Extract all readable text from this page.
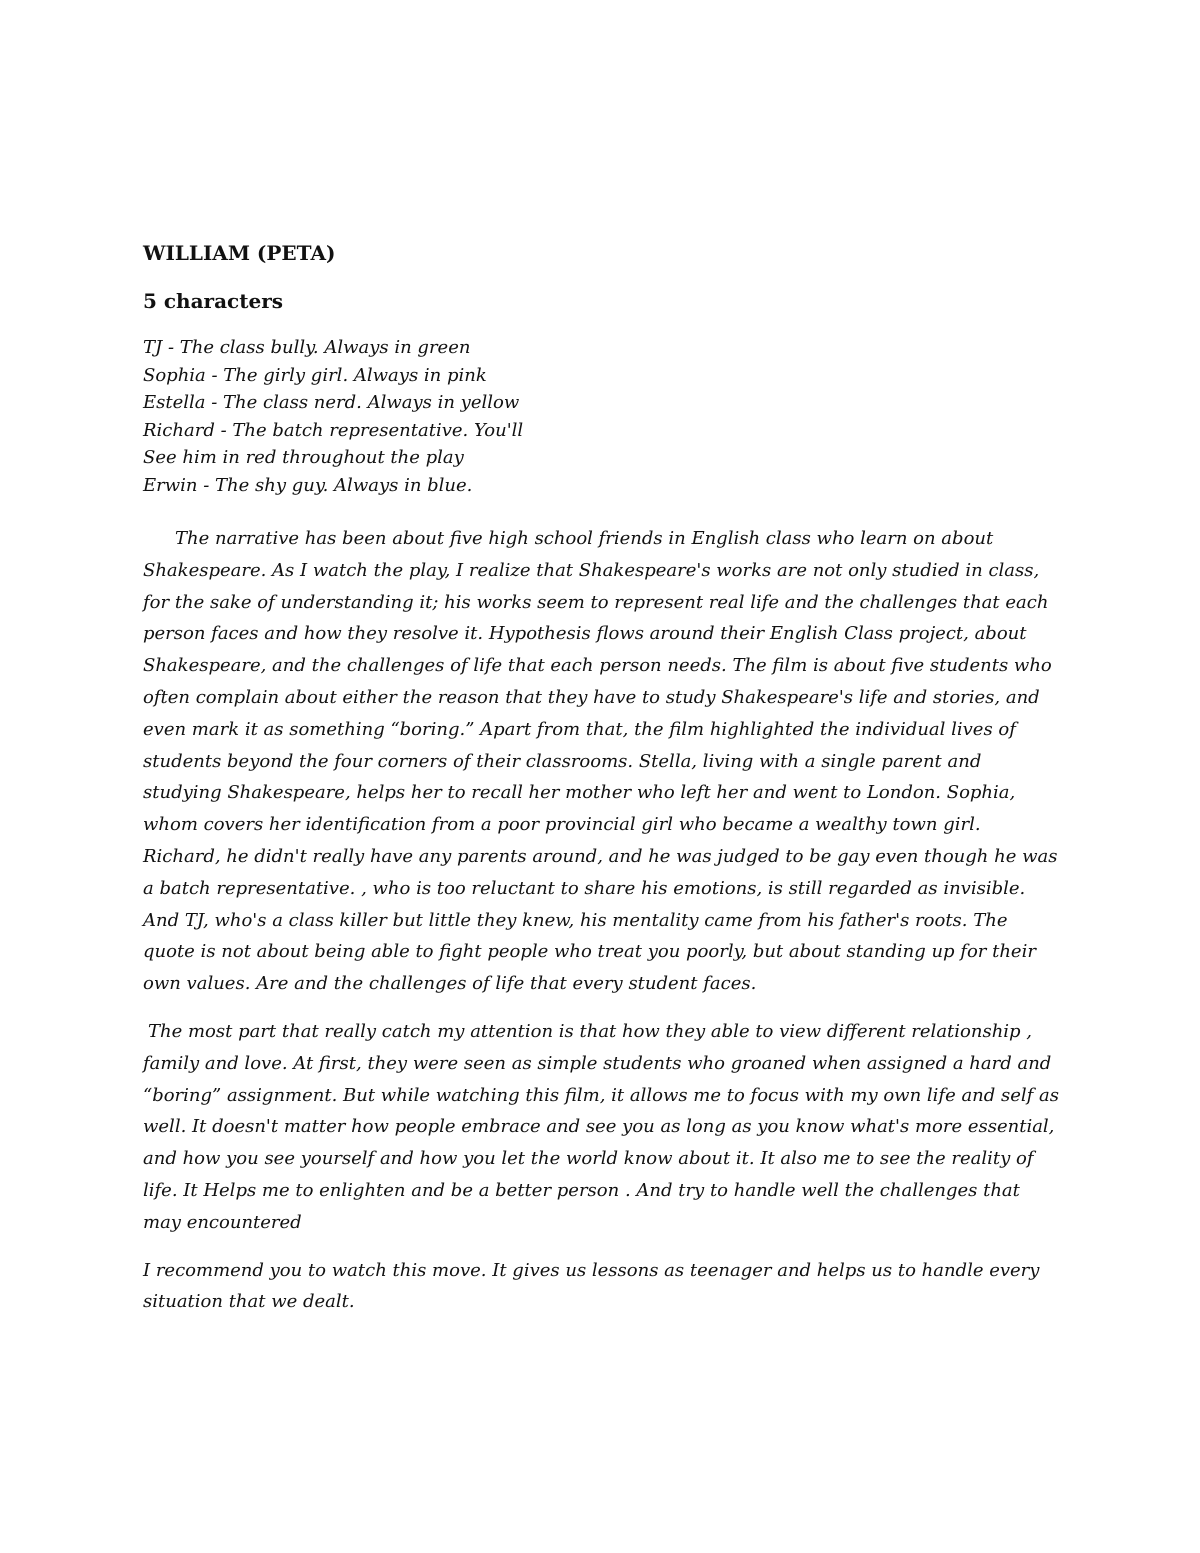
WILLIAM (PETA)
5 characters
TJ - The class bully. Always in green
Sophia - The girly girl. Always in pink
Estella - The class nerd. Always in yellow
Richard - The batch representative. You'll
See him in red throughout the play
Erwin - The shy guy. Always in blue.

The narrative has been about five high school friends in English class who learn on about Shakespeare. As I watch the play, I realize that Shakespeare's works are not only studied in class, for the sake of understanding it; his works seem to represent real life and the challenges that each person faces and how they resolve it. Hypothesis flows around their English Class project, about Shakespeare, and the challenges of life that each person needs. The film is about five students who often complain about either the reason that they have to study Shakespeare's life and stories, and even mark it as something “boring.” Apart from that, the film highlighted the individual lives of students beyond the four corners of their classrooms. Stella, living with a single parent and studying Shakespeare, helps her to recall her mother who left her and went to London. Sophia, whom covers her identification from a poor provincial girl who became a wealthy town girl. Richard, he didn't really have any parents around, and he was judged to be gay even though he was a batch representative. , who is too reluctant to share his emotions, is still regarded as invisible. And TJ, who's a class killer but little they knew, his mentality came from his father's roots. The quote is not about being able to fight people who treat you poorly, but about standing up for their own values. Are and the challenges of life that every student faces.

The most part that really catch my attention is that how they able to view different relationship , family and love. At first, they were seen as simple students who groaned when assigned a hard and “boring” assignment. But while watching this film, it allows me to focus with my own life and self as well. It doesn't matter how people embrace and see you as long as you know what's more essential, and how you see yourself and how you let the world know about it. It also me to see the reality of life. It Helps me to enlighten and be a better person . And try to handle well the challenges that may encountered

I recommend you to watch this move. It gives us lessons as teenager and helps us to handle every situation that we dealt.
